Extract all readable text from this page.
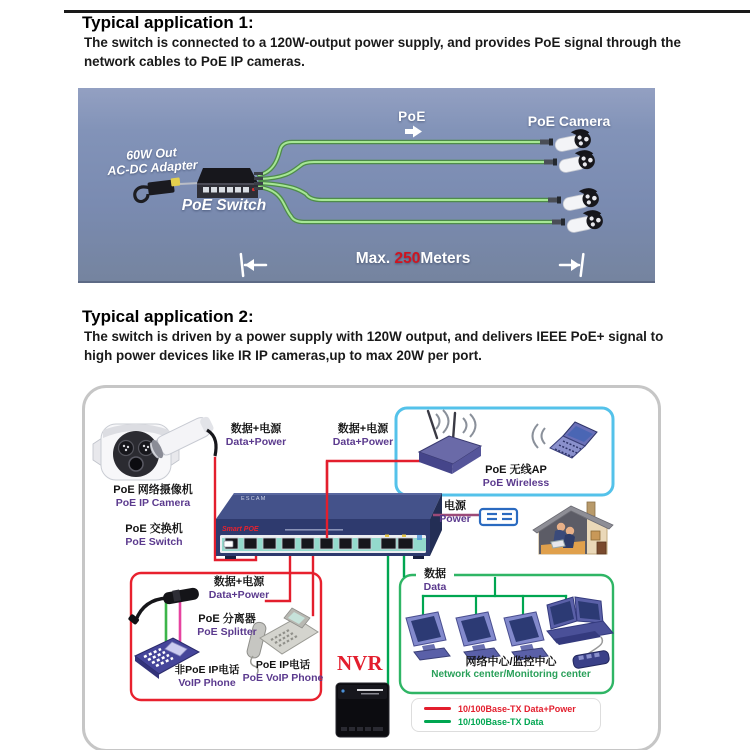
Typical application 1:
The switch is connected to a 120W-output power supply, and provides PoE signal through the network cables to PoE IP cameras.
60W Out
AC-DC Adapter
PoE Switch
PoE	PoE Camera
Max. 250Meters
Typical application 2:
The switch is driven by a power supply with 120W output, and delivers IEEE PoE+ signal to high power devices like IR IP cameras,up to max 20W per port.
ESCAM
Smart POE
PoE 网络摄像机
PoE IP Camera
PoE 交换机
PoE Switch
数据+电源
Data+Power
数据+电源
Data+Power
PoE 无线AP
PoE Wireless
电源
Power
数据
Data
数据+电源
Data+Power
PoE 分离器
PoE Splitter
非PoE IP电话
VoIP Phone
PoE IP电话
PoE VoIP Phone
NVR	网络中心/监控中心
Network center/Monitoring center
10/100Base-TX Data+Power
10/100Base-TX Data
